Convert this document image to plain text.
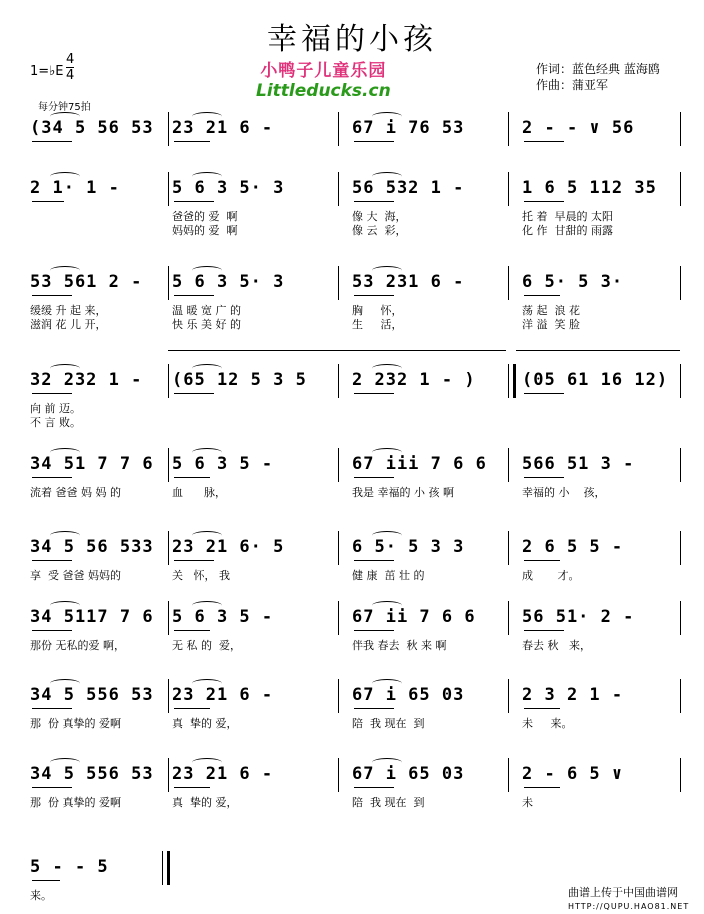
幸福的小孩
1=♭E
4
4
每分钟75拍
小鸭子儿童乐园
Littleducks.cn
作词：蓝色经典 蓝海鸥
作曲：蒲亚军
(34 5 56 53 23 21 6 -	67 i 76 53	2 - - ∨ 56
2 1· 1 -	5 6 3 5· 3	56 532 1 -	1 6 5 112 35
爸爸的 爱  啊	像 大  海，	托 着  早晨的 太阳
妈妈的 爱  啊	像 云  彩，	化 作  甘甜的 雨露
53 561 2 - 5 6 3 5· 3	53 231 6 -	6 5· 5 3·
缓缓 升 起 来，	温 暖 宽 广 的	胸     怀，	荡 起  浪 花
滋润 花 儿 开，	快 乐 美 好 的	生     活，	洋 溢  笑 脸
32 232 1 - (65 12 5 3 5	2 232 1 - )	(05 61 16 12)
向 前 迈。
不 言 败。
34 51 7 7 6 5 6 3 5 -	67 iii 7 6 6 566 51 3 -
流着 爸爸 妈 妈 的	血      脉，	我是 幸福的 小 孩 啊	幸福的 小    孩，
34 5 56 533 23 21 6· 5	6 5· 5 3 3	2 6 5 5 -
享  受 爸爸 妈妈的	关   怀， 我	健 康  茁 壮 的	成       才。
34 5117 7 6 5 6 3 5 -	67 ii 7 6 6	56 51· 2 -
那份 无私的爱 啊，	无 私 的  爱，	伴我 春去  秋 来 啊	春去 秋   来，
34 5 556 53 23 21 6 -	67 i 65 03	2 3 2 1 -
那  份 真挚的 爱啊	真  挚的 爱，	陪  我 现在  到	未     来。
34 5 556 53 23 21 6 -	67 i 65 03	2 - 6 5 ∨
那  份 真挚的 爱啊	真  挚的 爱，	陪  我 现在  到	未
5 - - 5
来。	曲谱上传于中国曲谱网
HTTP://QUPU.HAO81.NET
